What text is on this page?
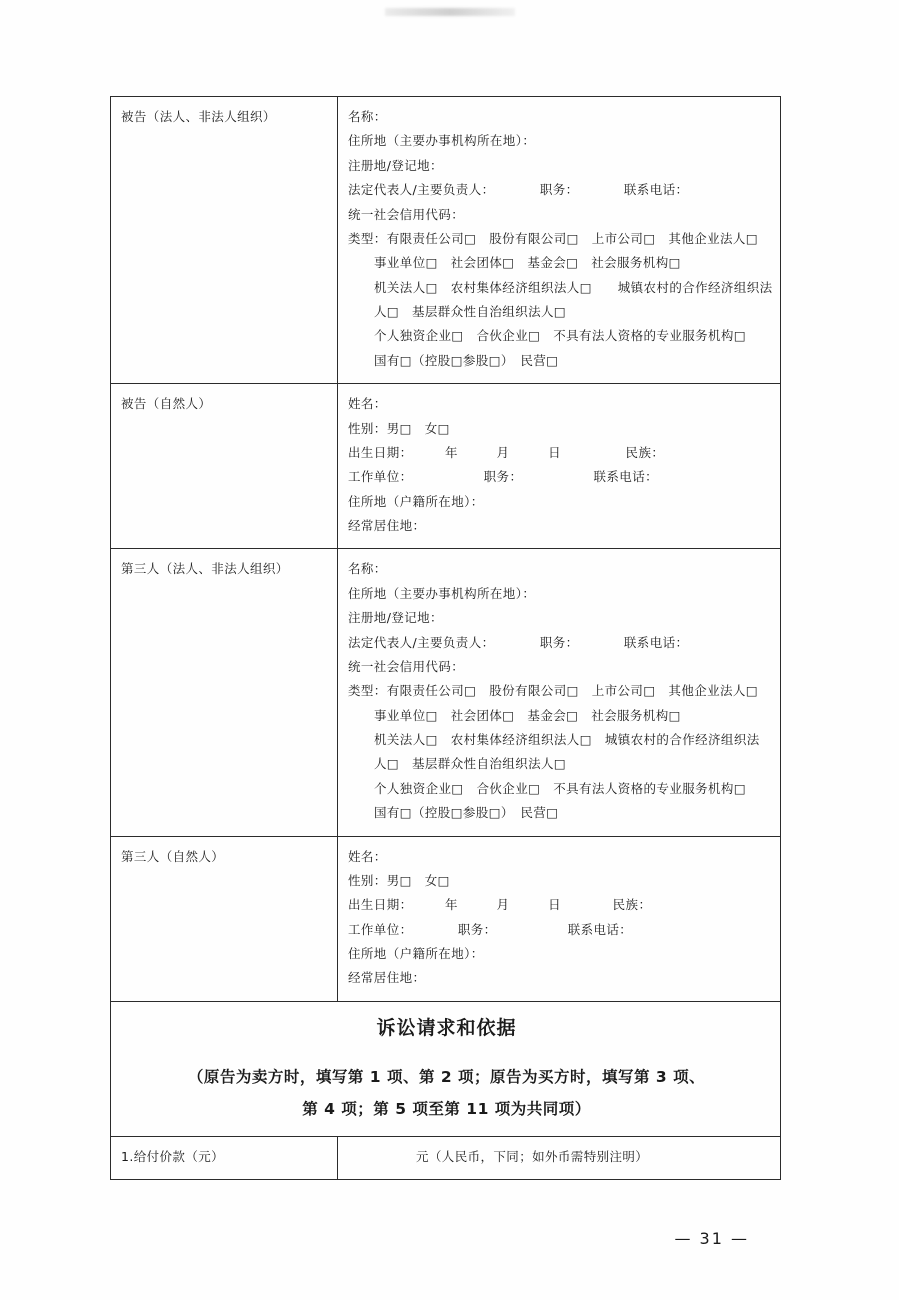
被告（法人、非法人组织）	名称：
住所地（主要办事机构所在地）：
注册地/登记地：
法定代表人/主要负责人：　　　　职务：　　　　联系电话：
统一社会信用代码：
类型：有限责任公司□　股份有限公司□　上市公司□　其他企业法人□
事业单位□　社会团体□　基金会□　社会服务机构□
机关法人□　农村集体经济组织法人□　　城镇农村的合作经济组织法
人□　基层群众性自治组织法人□
个人独资企业□　合伙企业□　不具有法人资格的专业服务机构□
国有□（控股□参股□）　民营□

被告（自然人）	姓名：
性别：男□　女□
出生日期：　　　年　　　月　　　日　　　　　民族：
工作单位：　　　　　　职务：　　　　　　联系电话：
住所地（户籍所在地）：
经常居住地：

第三人（法人、非法人组织）	名称：
住所地（主要办事机构所在地）：
注册地/登记地：
法定代表人/主要负责人：　　　　职务：　　　　联系电话：
统一社会信用代码：
类型：有限责任公司□　股份有限公司□　上市公司□　其他企业法人□
事业单位□　社会团体□　基金会□　社会服务机构□
机关法人□　农村集体经济组织法人□　城镇农村的合作经济组织法
人□　基层群众性自治组织法人□
个人独资企业□　合伙企业□　不具有法人资格的专业服务机构□
国有□（控股□参股□）　民营□

第三人（自然人）	姓名：
性别：男□　女□
出生日期：　　　年　　　月　　　日　　　　民族：
工作单位：　　　　职务：　　　　　　联系电话：
住所地（户籍所在地）：
经常居住地：

诉讼请求和依据
（原告为卖方时，填写第 1 项、第 2 项；原告为买方时，填写第 3 项、
第 4 项；第 5 项至第 11 项为共同项）	

1.给付价款（元）	元（人民币，下同；如外币需特别注明）
— 31 —
